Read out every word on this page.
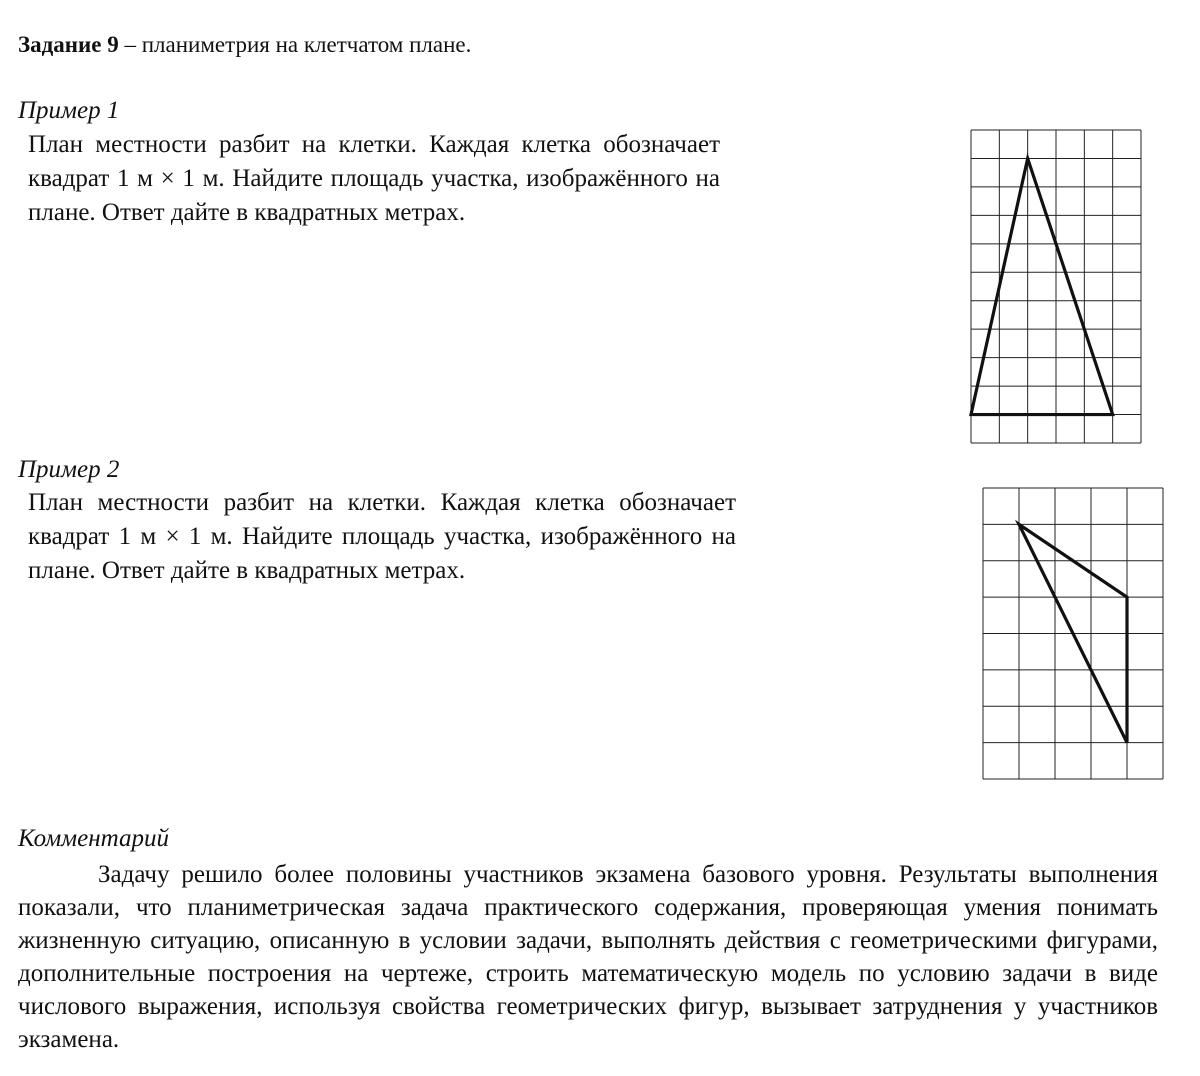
Задание 9 – планиметрия на клетчатом плане.
Пример 1
План местности разбит на клетки. Каждая клетка обозначает квадрат 1 м × 1 м. Найдите площадь участка, изображённого на плане. Ответ дайте в квадратных метрах.
Пример 2
План местности разбит на клетки. Каждая клетка обозначает квадрат 1 м × 1 м. Найдите площадь участка, изображённого на плане. Ответ дайте в квадратных метрах.
Комментарий
Задачу решило более половины участников экзамена базового уровня. Результаты выполнения показали, что планиметрическая задача практического содержания, проверяющая умения понимать жизненную ситуацию, описанную в условии задачи, выполнять действия с геометрическими фигурами, дополнительные построения на чертеже, строить математическую модель по условию задачи в виде числового выражения, используя свойства геометрических фигур, вызывает затруднения у участников экзамена.
